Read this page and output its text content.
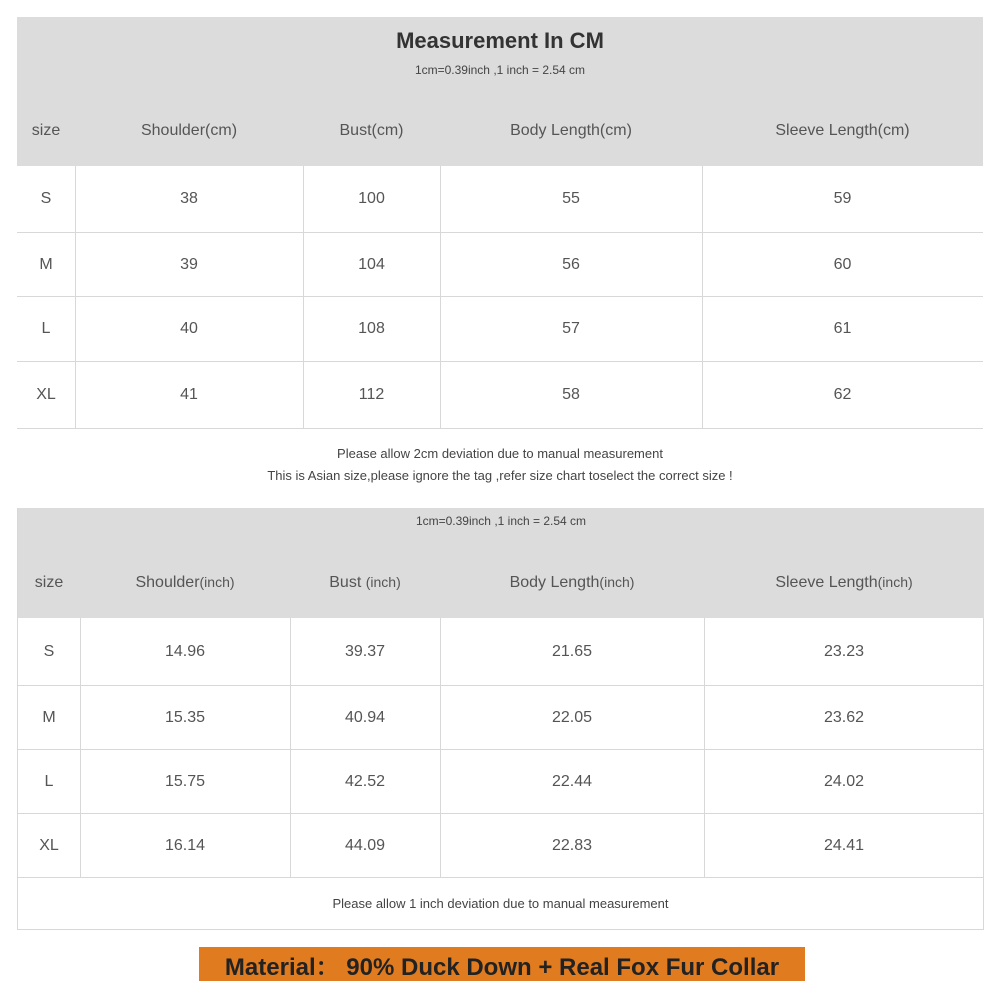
Measurement In CM
1cm=0.39inch ,1 inch = 2.54 cm
size	Shoulder(cm)	Bust(cm)	Body Length(cm)	Sleeve Length(cm)
S	38	100	55	59
M	39	104	56	60
L	40	108	57	61
XL	41	112	58	62
Please allow 2cm deviation due to manual measurement
This is Asian size,please ignore the tag ,refer size chart toselect the correct size !
1cm=0.39inch ,1 inch = 2.54 cm
size	Shoulder(inch)	Bust (inch)	Body Length(inch)	Sleeve Length(inch)
S	14.96	39.37	21.65	23.23
M	15.35	40.94	22.05	23.62
L	15.75	42.52	22.44	24.02
XL	16.14	44.09	22.83	24.41
Please allow 1 inch deviation due to manual measurement
Material： 90% Duck Down + Real Fox Fur Collar
